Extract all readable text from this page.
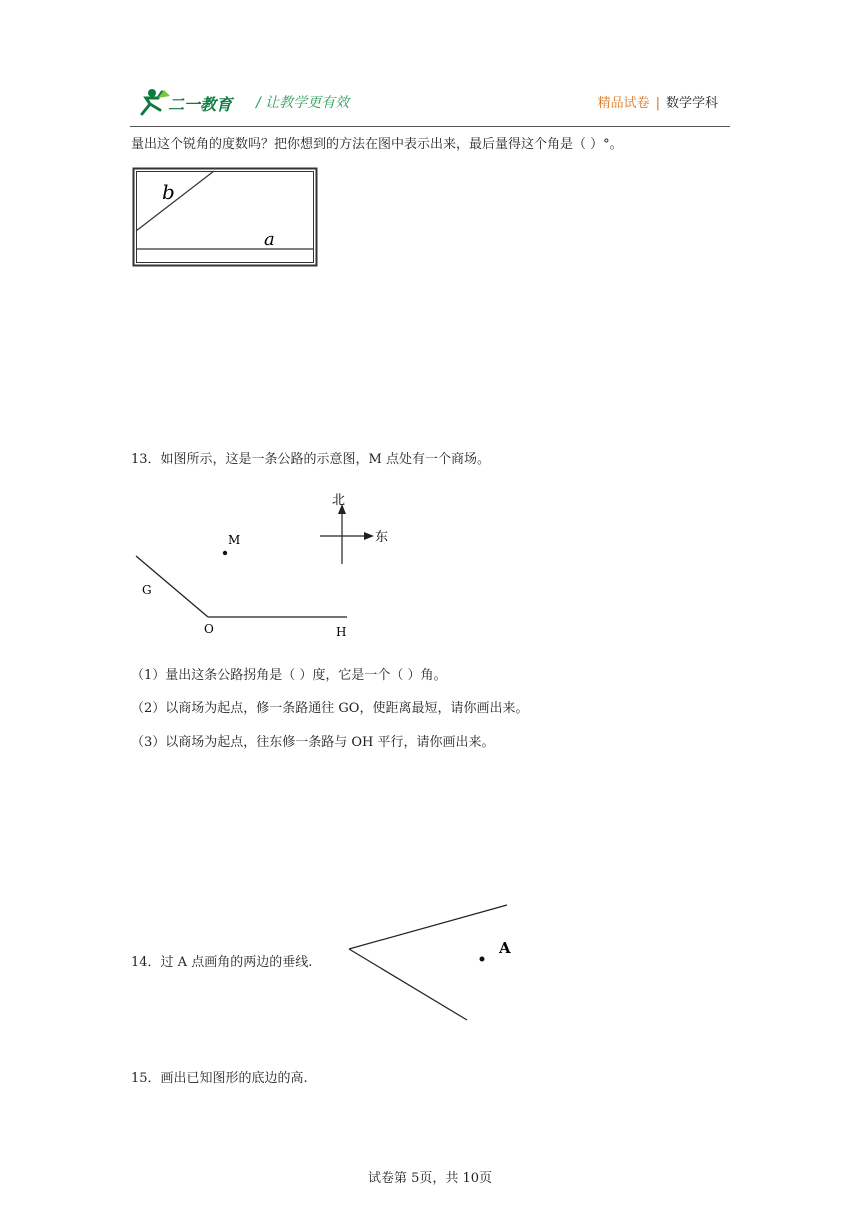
二一教育 / 让教学更有效	精品试卷 | 数学学科
量出这个锐角的度数吗？把你想到的方法在图中表示出来，最后量得这个角是（ ）°。
b
a
13．如图所示，这是一条公路的示意图，M 点处有一个商场。
北
东
M
G
O	H
（1）量出这条公路拐角是（ ）度，它是一个（ ）角。
（2）以商场为起点，修一条路通往 GO，使距离最短，请你画出来。
（3）以商场为起点，往东修一条路与 OH 平行，请你画出来。
14．过 A 点画角的两边的垂线.
A
15．画出已知图形的底边的高.
试卷第 5页，共 10页
